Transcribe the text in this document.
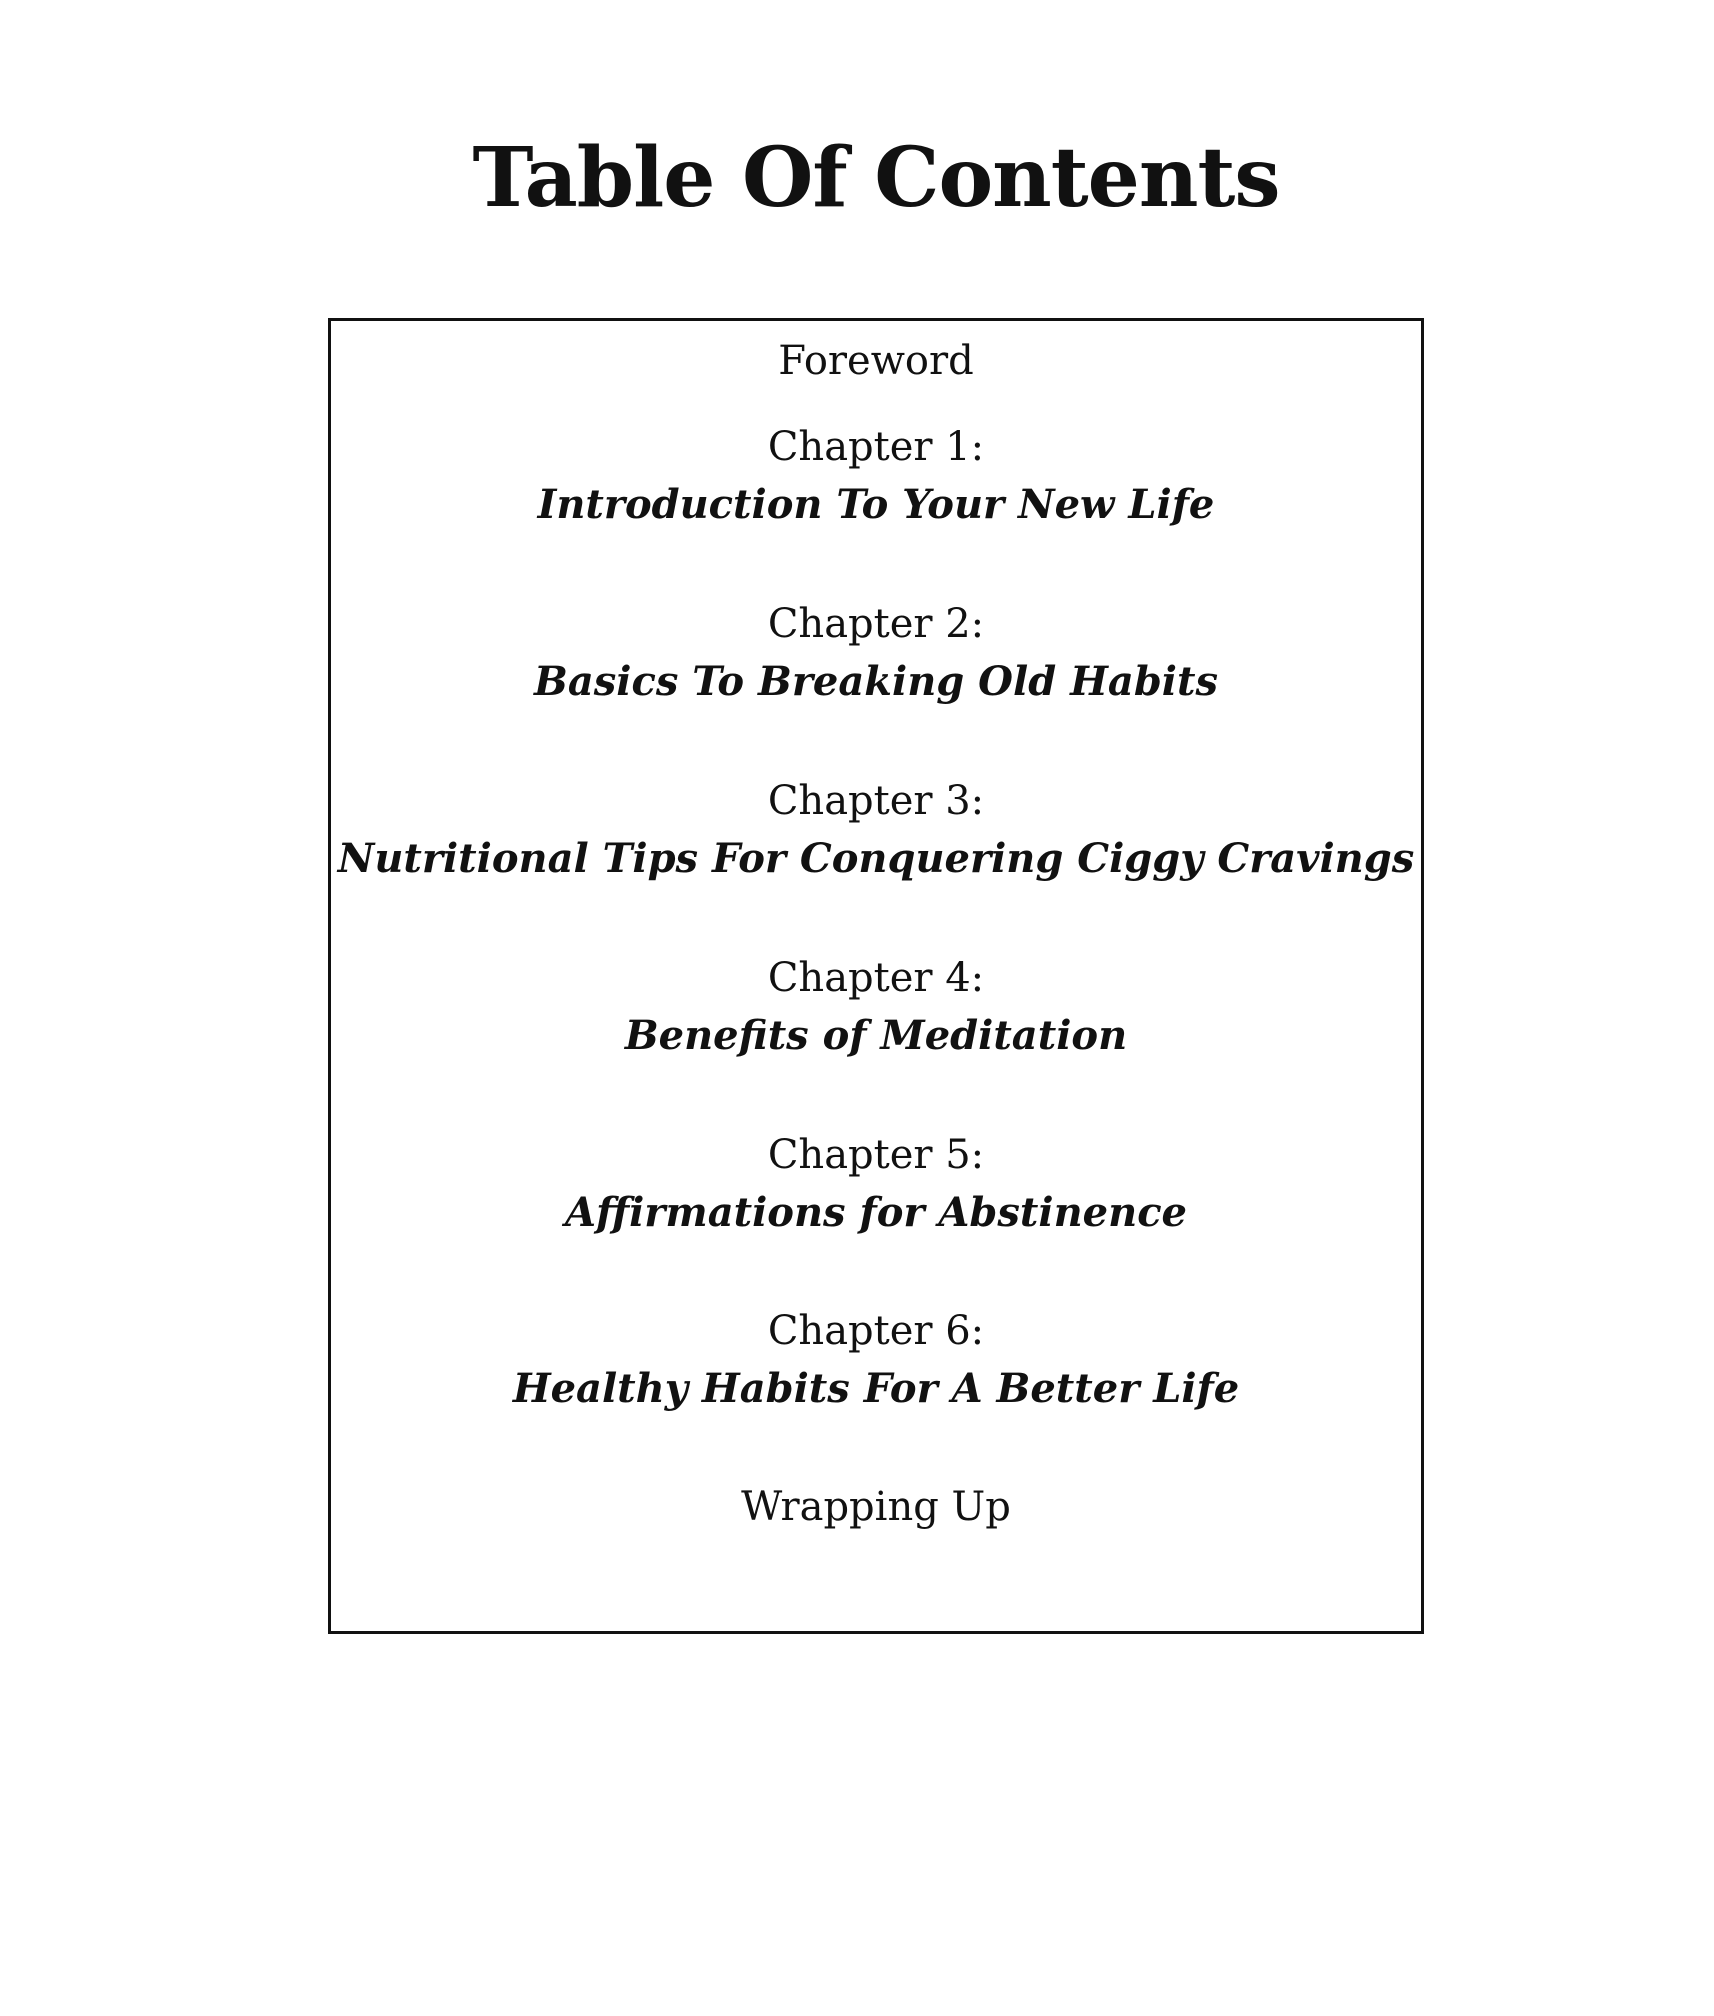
Table Of Contents
Foreword
Chapter 1:
Introduction To Your New Life
Chapter 2:
Basics To Breaking Old Habits
Chapter 3:
Nutritional Tips For Conquering Ciggy Cravings
Chapter 4:
Benefits of Meditation
Chapter 5:
Affirmations for Abstinence
Chapter 6:
Healthy Habits For A Better Life
Wrapping Up
